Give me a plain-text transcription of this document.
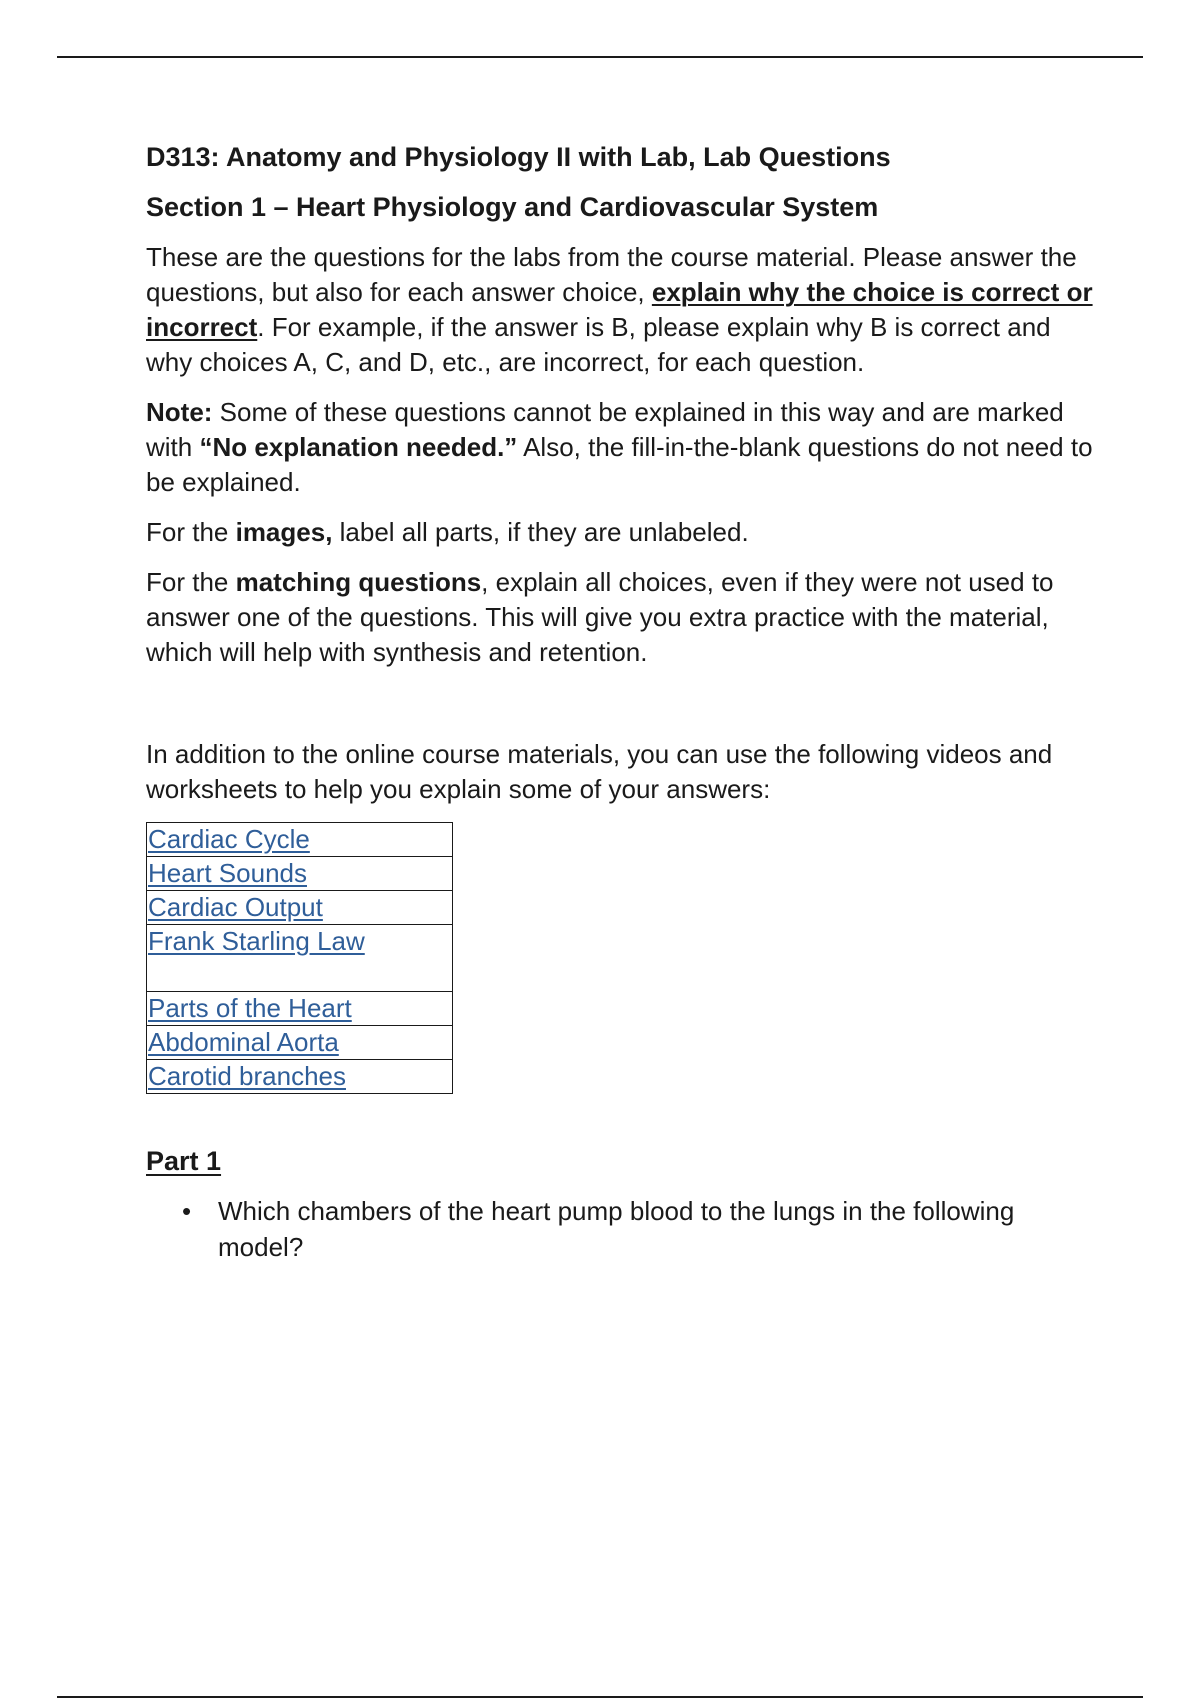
D313: Anatomy and Physiology II with Lab, Lab Questions
Section 1 – Heart Physiology and Cardiovascular System

These are the questions for the labs from the course material. Please answer the questions, but also for each answer choice, explain why the choice is correct or incorrect. For example, if the answer is B, please explain why B is correct and why choices A, C, and D, etc., are incorrect, for each question.

Note: Some of these questions cannot be explained in this way and are marked with “No explanation needed.” Also, the fill-in-the-blank questions do not need to be explained.

For the images, label all parts, if they are unlabeled.

For the matching questions, explain all choices, even if they were not used to answer one of the questions. This will give you extra practice with the material, which will help with synthesis and retention.

In addition to the online course materials, you can use the following videos and worksheets to help you explain some of your answers:

Cardiac Cycle
Heart Sounds
Cardiac Output
Frank Starling Law
Parts of the Heart
Abdominal Aorta
Carotid branches
Part 1
• Which chambers of the heart pump blood to the lungs in the following model?
